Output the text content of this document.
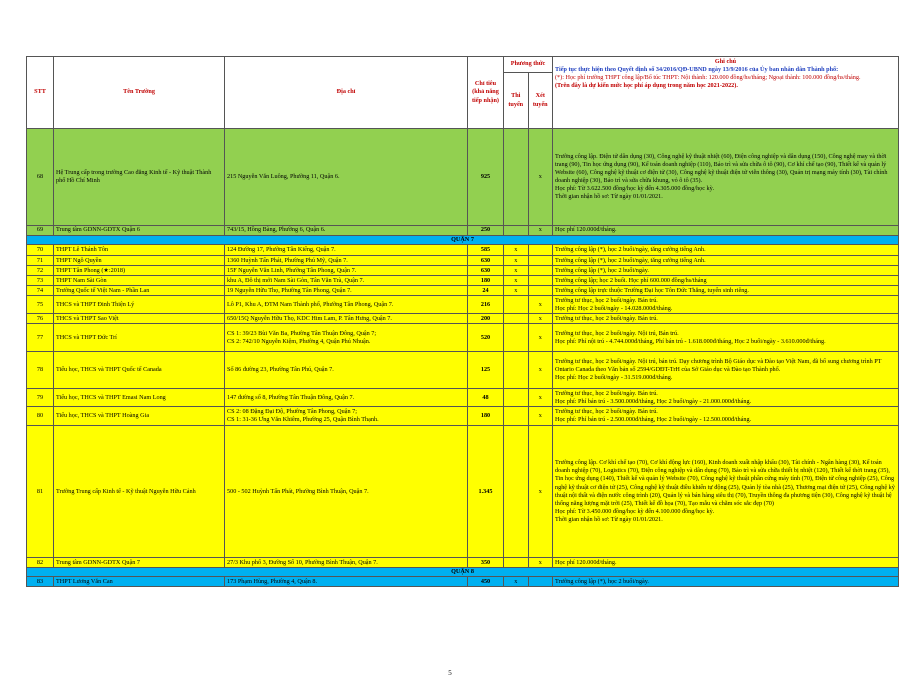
STT	Tên Trường	Địa chỉ	Chỉ tiêu (khả năng tiếp nhận)	Phương thức		Ghi chú
Tiếp tục thực hiện theo Quyết định số 34/2016/QĐ-UBND ngày 13/9/2016 của Ủy ban nhân dân Thành phố:
(*): Học phí trường THPT công lập/Bổ túc THPT: Nội thành: 120.000 đồng/hs/tháng; Ngoại thành: 100.000 đồng/hs/tháng.
(Trên đây là dự kiến mức học phí áp dụng trong năm học 2021-2022).
				Thi tuyển	Xét tuyển	
68	Hệ Trung cấp trong trường Cao đẳng Kinh tế - Kỹ thuật Thành phố Hồ Chí Minh	215 Nguyễn Văn Luông, Phường 11, Quận 6.	925		x	Trường công lập. Điện tử dân dụng (30), Công nghệ kỹ thuật nhiệt (60), Điện công nghiệp và dân dụng (150), Công nghệ may và thời trang (90), Tin học ứng dụng (90), Kế toán doanh nghiệp (110), Bảo trì và sửa chữa ô tô (90), Cơ khí chế tạo (90), Thiết kế và quản lý Website (60), Công nghệ kỹ thuật cơ điện tử (30), Công nghệ kỹ thuật điện tử viễn thông (30), Quản trị mạng máy tính (30), Tài chính doanh nghiệp (30), Bảo trì và sửa chữa khung, vỏ ô tô (35).
Học phí: Từ 3.622.500 đồng/học kỳ đến 4.305.000 đồng/học kỳ.
Thời gian nhận hồ sơ: Từ ngày 01/01/2021.
69	Trung tâm GDNN-GDTX Quận 6	743/15, Hồng Bàng, Phường 6, Quận 6.	250		x	Học phí 120.000đ/tháng.
QUẬN 7						
70	THPT Lê Thánh Tôn	124 Đường 17, Phường Tân Kiểng, Quận 7.	585	x		Trường công lập (*), học 2 buổi/ngày, tăng cường tiếng Anh.
71	THPT Ngô Quyền	1360 Huỳnh Tấn Phát, Phường Phú Mỹ, Quận 7.	630	x		Trường công lập (*), học 2 buổi/ngày, tăng cường tiếng Anh.
72	THPT Tân Phong (★:2018)	15F Nguyễn Văn Linh, Phường Tân Phong, Quận 7.	630	x		Trường công lập (*), học 2 buổi/ngày.
73	THPT Nam Sài Gòn	khu A, Đô thị mới Nam Sài Gòn, Tân Văn Trà, Quận 7.	180	x		Trường công lập; học 2 buổi. Học phí 600.000 đồng/hs/tháng
74	Trường Quốc tế Việt Nam - Phần Lan	19 Nguyễn Hữu Thọ, Phường Tân Phong, Quận 7.	24	x		Trường công lập trực thuộc Trường Đại học Tôn Đức Thắng, tuyển sinh riêng.
75	THCS và THPT Đinh Thiện Lý	Lô P1, Khu A, ĐTM Nam Thành phố, Phường Tân Phong, Quận 7.	216		x	Trường tư thục, học 2 buổi/ngày. Bán trú.
Học phí: Học 2 buổi/ngày - 14.028.000đ/tháng.
76	THCS và THPT Sao Việt	650/15Q Nguyễn Hữu Thọ, KDC Him Lam, P. Tân Hưng, Quận 7.	200		x	Trường tư thục, học 2 buổi/ngày. Bán trú.
77	THCS và THPT Đức Trí	CS 1: 39/23 Bùi Văn Ba, Phường Tân Thuận Đông, Quận 7;
CS 2: 742/10 Nguyễn Kiệm, Phường 4, Quận Phú Nhuận.	520		x	Trường tư thục, học 2 buổi/ngày. Nội trú, Bán trú.
Học phí: Phí nội trú - 4.744.000đ/tháng, Phí bán trú - 1.618.000đ/tháng, Học 2 buổi/ngày - 3.610.000đ/tháng.
78	Tiểu học, THCS và THPT Quốc tế Canada	Số 86 đường 23, Phường Tân Phú, Quận 7.	125		x	Trường tư thục, học 2 buổi/ngày. Nội trú, bán trú. Dạy chương trình Bộ Giáo dục và Đào tạo Việt Nam, đã bổ sung chương trình PT Ontario Canada theo Văn bản số 2594/GDĐT-TrH của Sở Giáo dục và Đào tạo Thành phố.
Học phí: Học 2 buổi/ngày - 31.519.000đ/tháng.
79	Tiểu học, THCS và THPT Emasi Nam Long	147 đường số 8, Phường Tân Thuận Đông, Quận 7.	48		x	Trường tư thục, học 2 buổi/ngày. Bán trú.
Học phí: Phí bán trú - 3.500.000đ/tháng, Học 2 buổi/ngày - 21.000.000đ/tháng.
80	Tiểu học, THCS và THPT Hoàng Gia	CS 2: 08 Đặng Đại Độ, Phường Tân Phong, Quận 7;
CS 1: 31-36 Ưng Văn Khiêm, Phường 25, Quận Bình Thạnh.	180		x	Trường tư thục, học 2 buổi/ngày. Bán trú.
Học phí: Phí bán trú - 2.500.000đ/tháng, Học 2 buổi/ngày - 12.500.000đ/tháng.
81	Trường Trung cấp Kinh tế - Kỹ thuật Nguyễn Hữu Cảnh	500 - 502 Huỳnh Tấn Phát, Phường Bình Thuận, Quận 7.	1.345		x	Trường công lập. Cơ khí chế tạo (70), Cơ khí động lực (160), Kinh doanh xuất nhập khẩu (30), Tài chính - Ngân hàng (30), Kế toán doanh nghiệp (70), Logistics (70), Điện công nghiệp và dân dụng (70), Bảo trì và sửa chữa thiết bị nhiệt (120), Thiết kế thời trang (35), Tin học ứng dụng (140), Thiết kế và quản lý Website (70), Công nghệ kỹ thuật phần cứng máy tính (70), Điện tử công nghiệp (25), Công nghệ kỹ thuật cơ điện tử (25), Công nghệ kỹ thuật điều khiển tự động (25), Quản lý tòa nhà (25), Thương mại điện tử (25), Công nghệ kỹ thuật nội thất và điện nước công trình (20), Quản lý và bán hàng siêu thị (70), Truyền thông đa phương tiện (30), Công nghệ kỹ thuật hệ thống năng lượng mặt trời (25), Thiết kế đồ họa (70), Tạo mẫu và chăm sóc sắc đẹp (70)
Học phí: Từ 3.450.000 đồng/học kỳ đến 4.100.000 đồng/học kỳ.
Thời gian nhận hồ sơ: Từ ngày 01/01/2021.
82	Trung tâm GDNN-GDTX Quận 7	27/3 Khu phố 3, Đường Số 10, Phường Bình Thuận, Quận 7.	350		x	Học phí 120.000đ/tháng.
QUẬN 8						
83	THPT Lương Văn Can	173 Phạm Hùng, Phường 4, Quận 8.	450	x		Trường công lập (*), học 2 buổi/ngày.
5
